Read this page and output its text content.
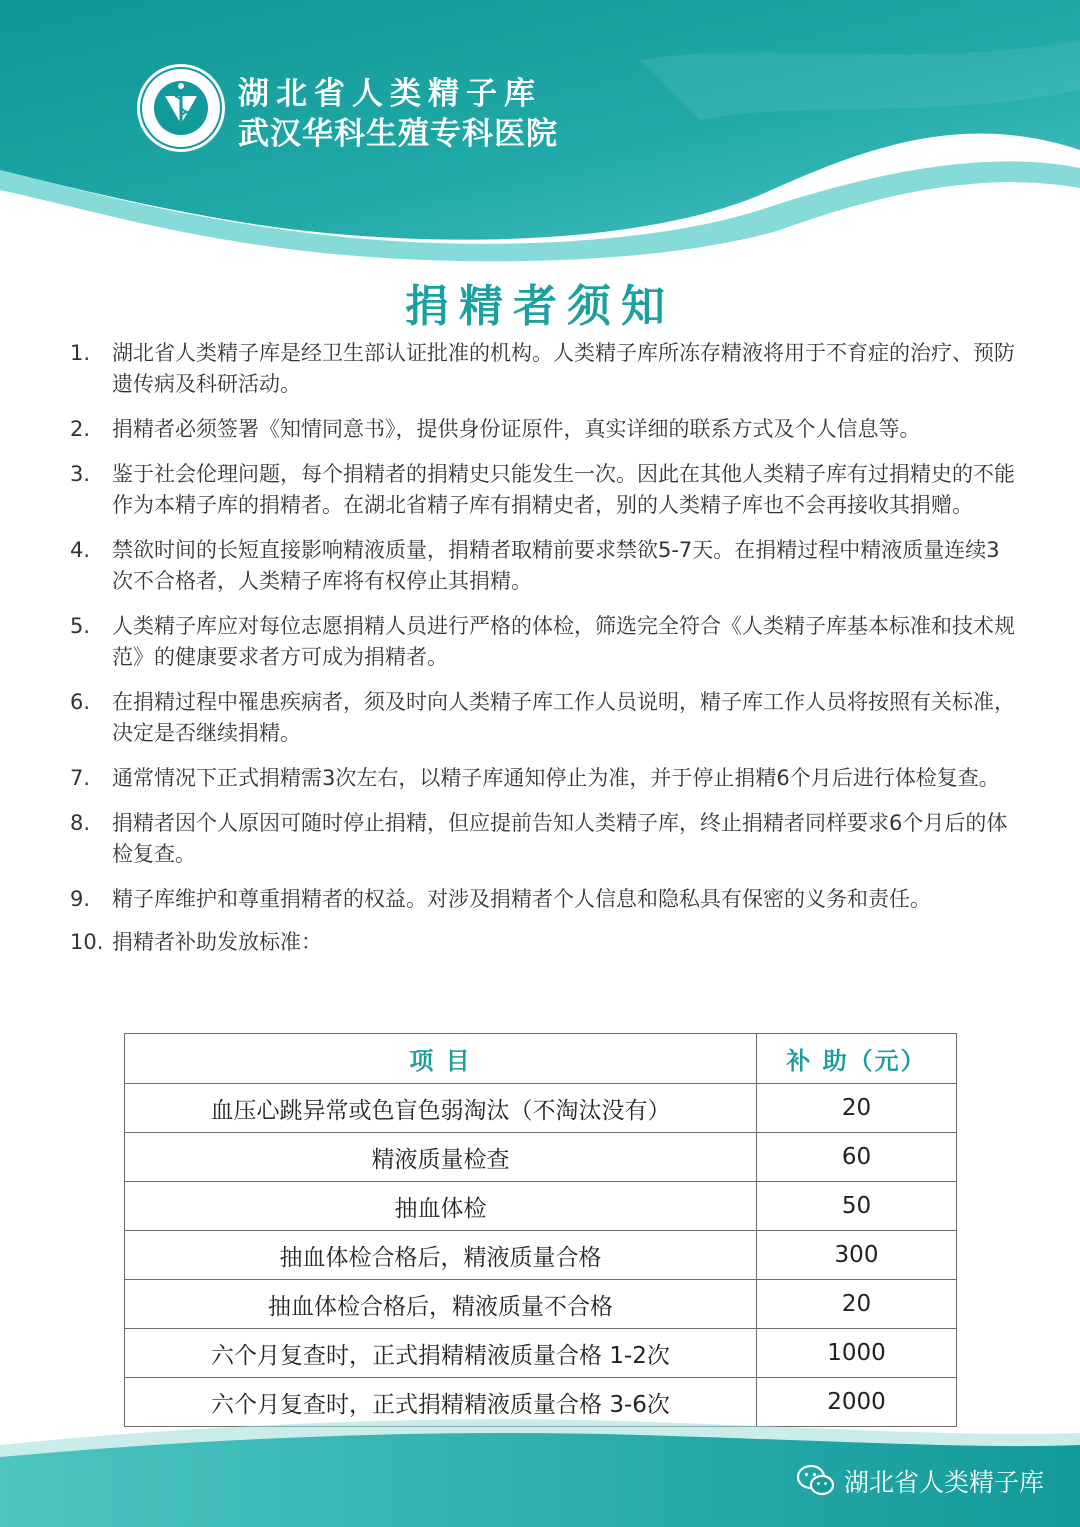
湖北省人类精子库
武汉华科生殖专科医院
捐精者须知
1.	湖北省人类精子库是经卫生部认证批准的机构。人类精子库所冻存精液将用于不育症的治疗、预防遗传病及科研活动。
2.	捐精者必须签署《知情同意书》，提供身份证原件，真实详细的联系方式及个人信息等。
3.	鉴于社会伦理问题，每个捐精者的捐精史只能发生一次。因此在其他人类精子库有过捐精史的不能作为本精子库的捐精者。在湖北省精子库有捐精史者，别的人类精子库也不会再接收其捐赠。
4.	禁欲时间的长短直接影响精液质量，捐精者取精前要求禁欲5-7天。在捐精过程中精液质量连续3次不合格者，人类精子库将有权停止其捐精。
5.	人类精子库应对每位志愿捐精人员进行严格的体检，筛选完全符合《人类精子库基本标准和技术规范》的健康要求者方可成为捐精者。
6.	在捐精过程中罹患疾病者，须及时向人类精子库工作人员说明，精子库工作人员将按照有关标准，决定是否继续捐精。
7.	通常情况下正式捐精需3次左右，以精子库通知停止为准，并于停止捐精6个月后进行体检复查。
8.	捐精者因个人原因可随时停止捐精，但应提前告知人类精子库，终止捐精者同样要求6个月后的体检复查。
9.	精子库维护和尊重捐精者的权益。对涉及捐精者个人信息和隐私具有保密的义务和责任。
10. 捐精者补助发放标准：
项 目	补 助（元）
血压心跳异常或色盲色弱淘汰（不淘汰没有）	20
精液质量检查	60
抽血体检	50
抽血体检合格后，精液质量合格	300
抽血体检合格后，精液质量不合格	20
六个月复查时，正式捐精精液质量合格 1-2次	1000
六个月复查时，正式捐精精液质量合格 3-6次	2000
湖北省人类精子库
